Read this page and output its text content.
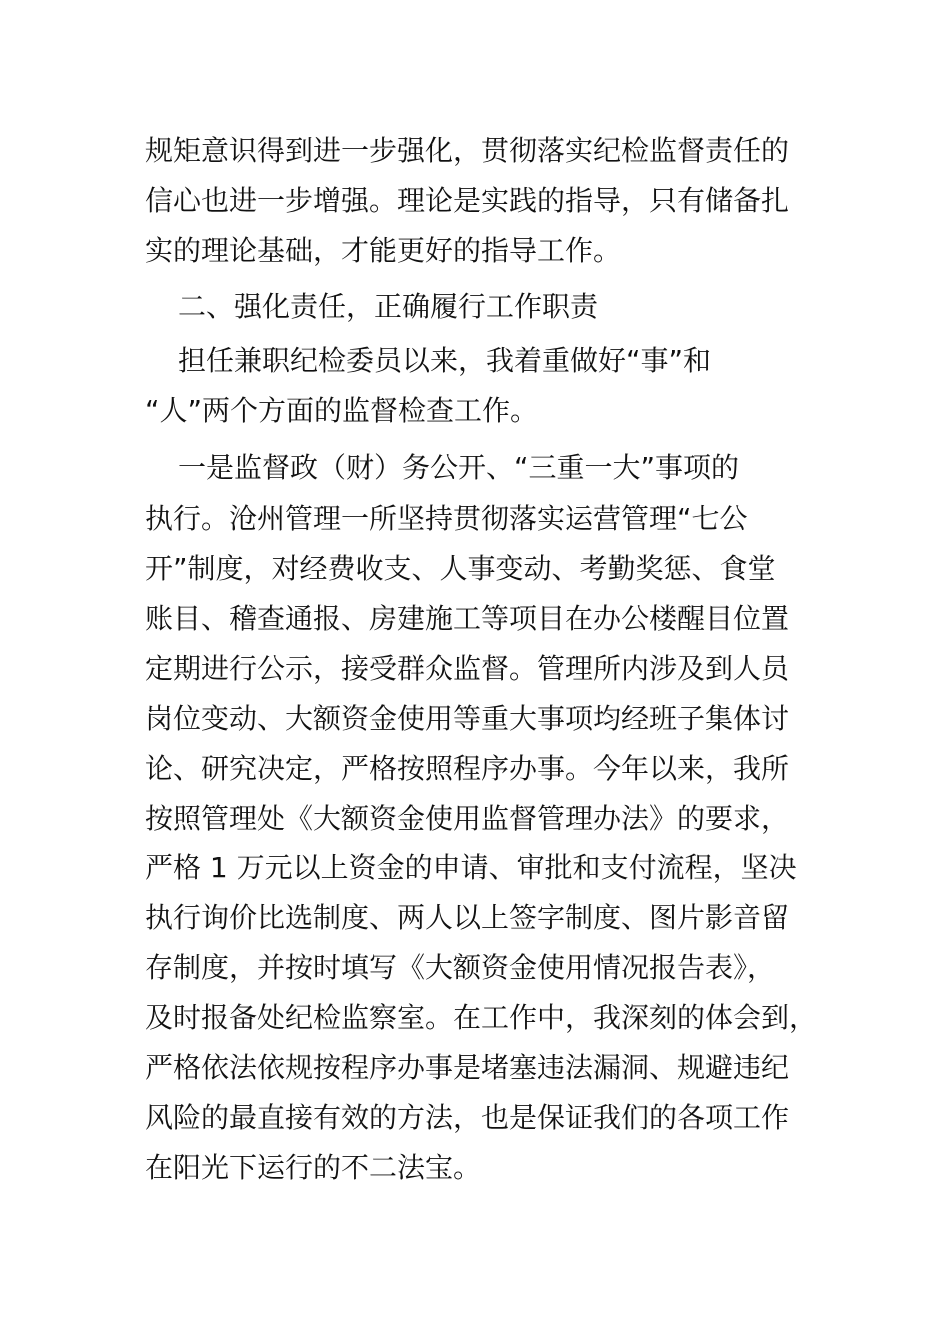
规矩意识得到进一步强化，贯彻落实纪检监督责任的
信心也进一步增强。理论是实践的指导，只有储备扎
实的理论基础，才能更好的指导工作。
二、强化责任，正确履行工作职责
担任兼职纪检委员以来，我着重做好“事”和
“人”两个方面的监督检查工作。
一是监督政（财）务公开、“三重一大”事项的
执行。沧州管理一所坚持贯彻落实运营管理“七公
开”制度，对经费收支、人事变动、考勤奖惩、食堂
账目、稽查通报、房建施工等项目在办公楼醒目位置
定期进行公示，接受群众监督。管理所内涉及到人员
岗位变动、大额资金使用等重大事项均经班子集体讨
论、研究决定，严格按照程序办事。今年以来，我所
按照管理处《大额资金使用监督管理办法》的要求，
严格 1 万元以上资金的申请、审批和支付流程，坚决
执行询价比选制度、两人以上签字制度、图片影音留
存制度，并按时填写《大额资金使用情况报告表》，
及时报备处纪检监察室。在工作中，我深刻的体会到，
严格依法依规按程序办事是堵塞违法漏洞、规避违纪
风险的最直接有效的方法，也是保证我们的各项工作
在阳光下运行的不二法宝。
